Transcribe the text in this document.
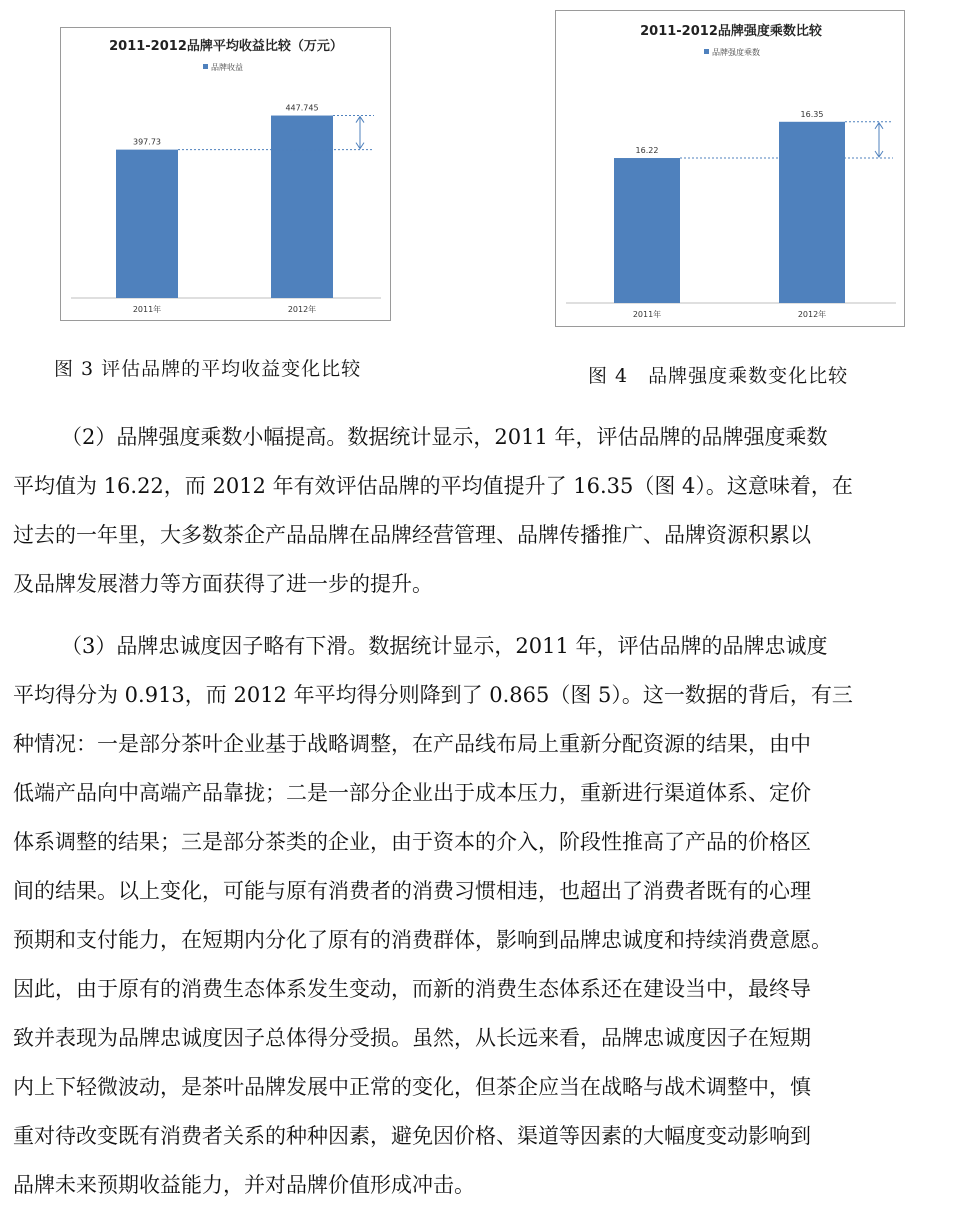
2011-2012品牌平均收益比较（万元）
品牌收益
397.73
2011年
447.745
2012年
图 3 评估品牌的平均收益变化比较
2011-2012品牌强度乘数比较
品牌强度乘数
16.22
2011年
16.35
2012年
图 4　品牌强度乘数变化比较
（2）品牌强度乘数小幅提高。数据统计显示，2011 年，评估品牌的品牌强度乘数
平均值为 16.22，而 2012 年有效评估品牌的平均值提升了 16.35（图 4）。这意味着，在
过去的一年里，大多数茶企产品品牌在品牌经营管理、品牌传播推广、品牌资源积累以
及品牌发展潜力等方面获得了进一步的提升。
（3）品牌忠诚度因子略有下滑。数据统计显示，2011 年，评估品牌的品牌忠诚度
平均得分为 0.913，而 2012 年平均得分则降到了 0.865（图 5）。这一数据的背后，有三
种情况：一是部分茶叶企业基于战略调整，在产品线布局上重新分配资源的结果，由中
低端产品向中高端产品靠拢；二是一部分企业出于成本压力，重新进行渠道体系、定价
体系调整的结果；三是部分茶类的企业，由于资本的介入，阶段性推高了产品的价格区
间的结果。以上变化，可能与原有消费者的消费习惯相违，也超出了消费者既有的心理
预期和支付能力，在短期内分化了原有的消费群体，影响到品牌忠诚度和持续消费意愿。
因此，由于原有的消费生态体系发生变动，而新的消费生态体系还在建设当中，最终导
致并表现为品牌忠诚度因子总体得分受损。虽然，从长远来看，品牌忠诚度因子在短期
内上下轻微波动，是茶叶品牌发展中正常的变化，但茶企应当在战略与战术调整中，慎
重对待改变既有消费者关系的种种因素，避免因价格、渠道等因素的大幅度变动影响到
品牌未来预期收益能力，并对品牌价值形成冲击。
